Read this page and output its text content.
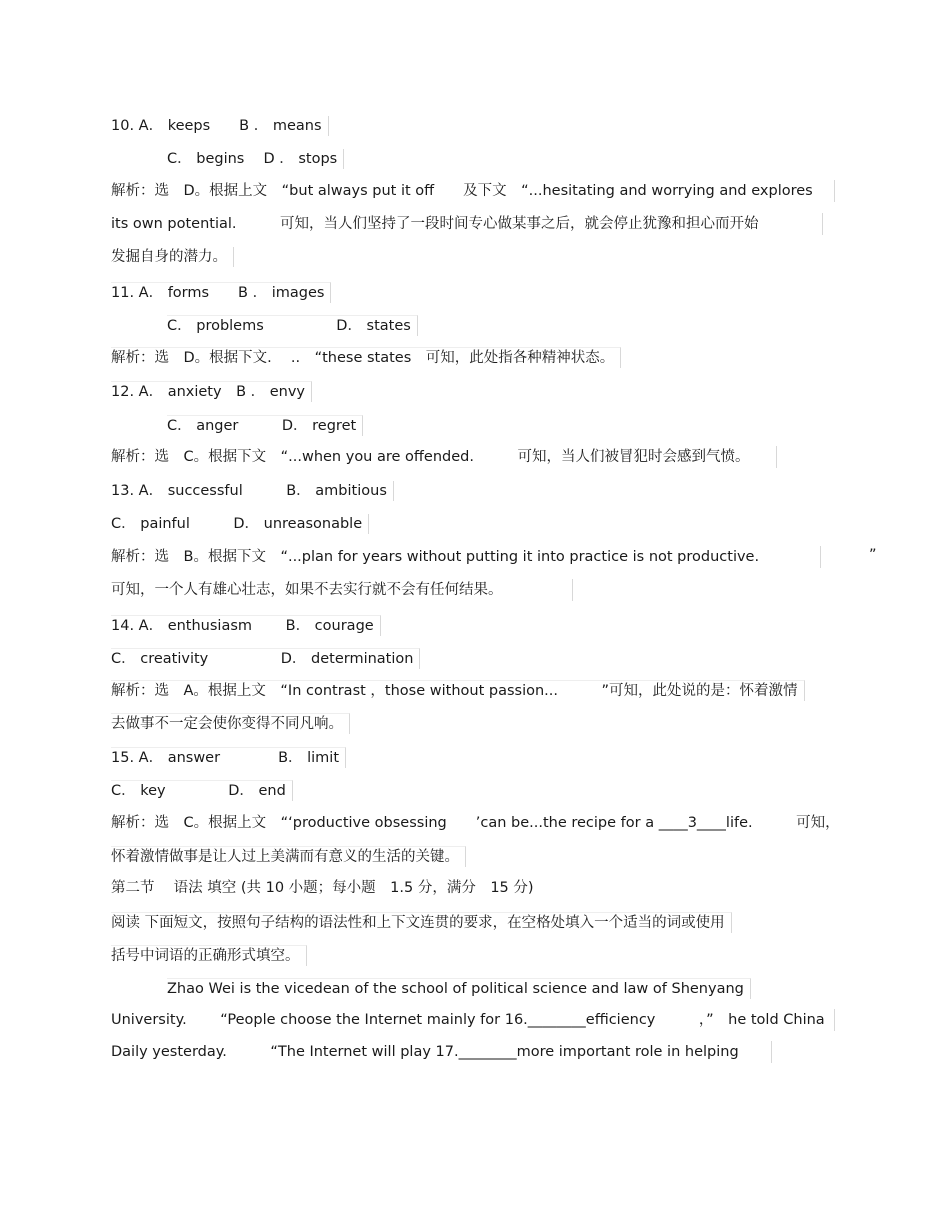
10. A． keeps　　B ． means
C． begins　 D ． stops
解析：选　D。根据上文　“but always put it off　　及下文　“...hesitating and worrying and explores
its own potential.　　　可知，当人们坚持了一段时间专心做某事之后，就会停止犹豫和担心而开始
发掘自身的潜力。
11. A． forms　　B ． images
C． problems　　　　　D． states
解析：选　D。根据下文.　 ..　“these states　可知，此处指各种精神状态。
12. A． anxiety　B ． envy
C． anger　　　D． regret
解析：选　C。根据下文　“...when you are offended.　　　可知，当人们被冒犯时会感到气愤。
13. A． successful　　　B． ambitious
C． painful　　　D． unreasonable
解析：选　B。根据下文　“...plan for years without putting it into practice is not productive.	”
可知，一个人有雄心壮志，如果不去实行就不会有任何结果。
14. A． enthusiasm　　 B． courage
C． creativity　　　　　D． determination
解析：选　A。根据上文　“In contrast ，those without passion...　　　”可知，此处说的是：怀着激情
去做事不一定会使你变得不同凡响。
15. A． answer　　　　B． limit
C． key　　　　 D． end
解析：选　C。根据上文　“‘productive obsessing　　’can be...the recipe for a ____3____life.　　　可知，
怀着激情做事是让人过上美满而有意义的生活的关键。
第二节　 语法 填空 (共 10 小题；每小题　1.5 分，满分　15 分)
阅读 下面短文，按照句子结构的语法性和上下文连贯的要求，在空格处填入一个适当的词或使用
括号中词语的正确形式填空。
Zhao Wei is the vicedean of the school of political science and law of Shenyang
University.　　 “People choose the Internet mainly for 16.________efficiency　　　，”　he told China
Daily yesterday.　　　“The Internet will play 17.________more important role in helping
